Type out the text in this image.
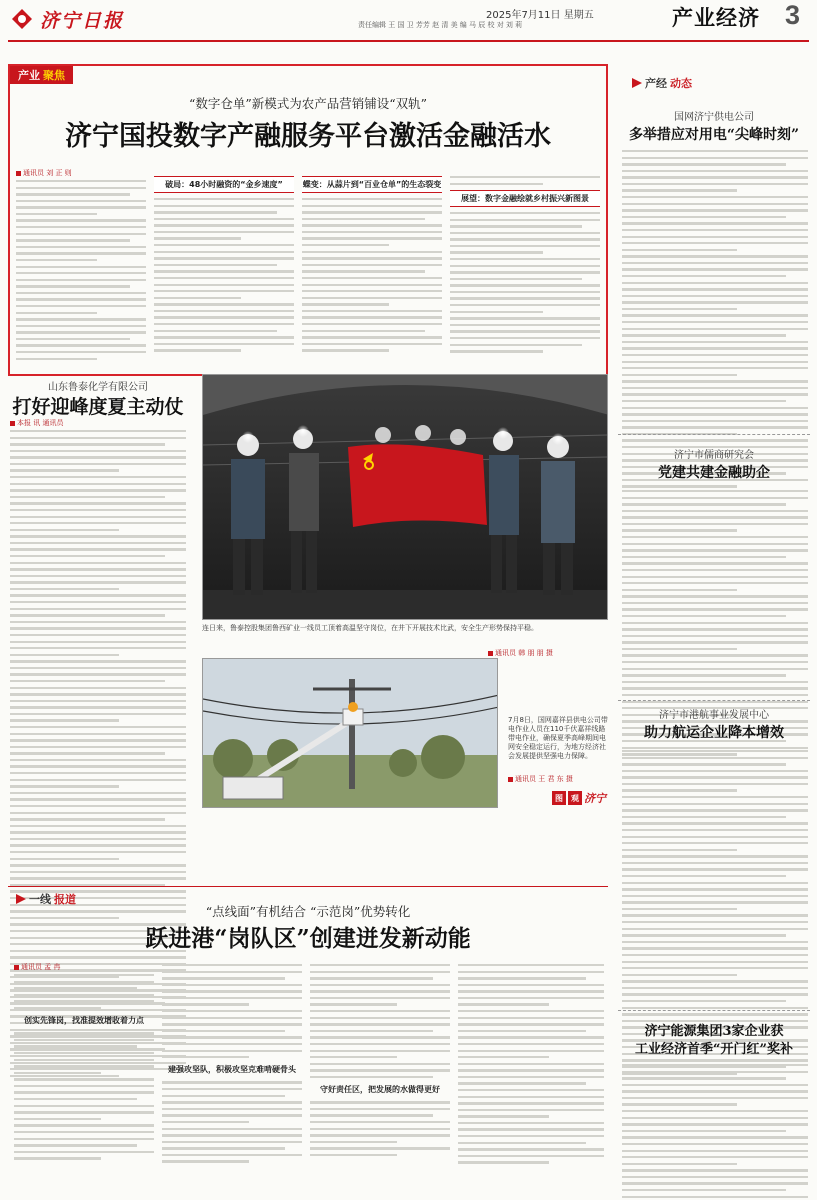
济宁日报	2025年7月11日 星期五
责任编辑 王 国 卫 芳芳 赵 清 美 编 马 辰 校 对 刘 莉	产业经济 3
产业 聚焦
“数字仓单”新模式为农产品营销铺设“双轨”
济宁国投数字产融服务平台激活金融活水
通讯员 刘 正 则
破局：48小时融资的“金乡速度”	蝶变：从蒜片到“百业仓单”的生态裂变
展望：数字金融绘就乡村振兴新图景
山东鲁泰化学有限公司
打好迎峰度夏主动仗
本报 讯 通讯员
连日来，鲁泰控股集团鲁西矿业一线员工顶着高温坚守岗位，在井下开展技术比武，安全生产形势保持平稳。
通讯员 韩 朋 朋 摄
7月8日，国网嘉祥县供电公司带电作业人员在110千伏嘉祥线路带电作业，确保夏季高峰期间电网安全稳定运行，为地方经济社会发展提供坚强电力保障。
通讯员 王 君 东 摄
图	观 济宁
产经 动态
国网济宁供电公司
多举措应对用电“尖峰时刻”
济宁市儒商研究会
党建共建金融助企
济宁市港航事业发展中心
助力航运企业降本增效
济宁能源集团3家企业获
工业经济首季“开门红”奖补
一线 报道
“点线面”有机结合 “示范岗”优势转化
跃进港“岗队区”创建迸发新动能
通讯员 孟 冉
创实先锋岗，找准提效增收着力点
建强攻坚队，积极攻坚克难啃硬骨头
守好责任区，把发展的水做得更好
